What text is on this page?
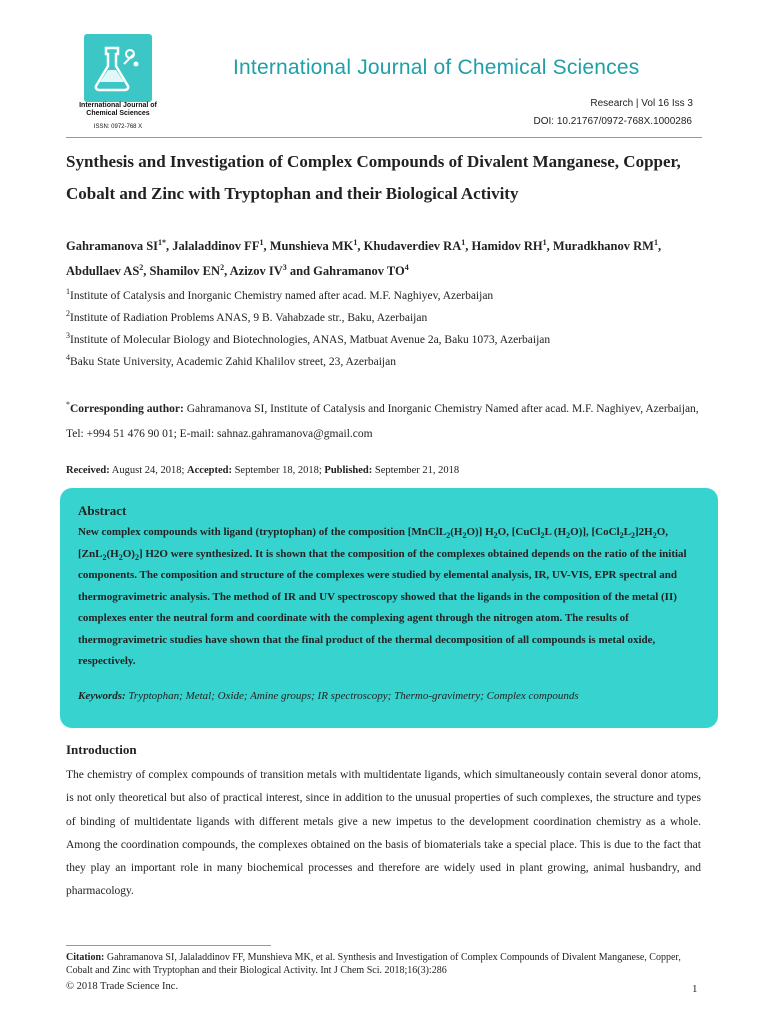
International Journal of Chemical Sciences
ISSN: 0972-768 X
International Journal of Chemical Sciences
Research | Vol 16 Iss 3
DOI: 10.21767/0972-768X.1000286
Synthesis and Investigation of Complex Compounds of Divalent Manganese, Copper, Cobalt and Zinc with Tryptophan and their Biological Activity
Gahramanova $SI^{1*}$, Jalaladdinov $FF^1$, Munshieva $MK^1$, Khudaverdiev $RA^1$, Hamidov $RH^1$, Muradkhanov $RM^1$, Abdullaev $AS^2$, Shamilov $EN^2$, Azizov $IV^3$ and Gahramanov $TO^4$
$^1$Institute of Catalysis and Inorganic Chemistry named after acad. M.F. Naghiyev, Azerbaijan
$^2$Institute of Radiation Problems ANAS, 9 B. Vahabzade str., Baku, Azerbaijan
$^3$Institute of Molecular Biology and Biotechnologies, ANAS, Matbuat Avenue 2a, Baku 1073, Azerbaijan
$^4$Baku State University, Academic Zahid Khalilov street, 23, Azerbaijan
*Corresponding author: Gahramanova SI, Institute of Catalysis and Inorganic Chemistry Named after acad. M.F. Naghiyev, Azerbaijan, Tel: +994 51 476 90 01; E-mail: sahnaz.gahramanova@gmail.com
Received: August 24, 2018; Accepted: September 18, 2018; Published: September 21, 2018
Abstract
New complex compounds with ligand (tryptophan) of the composition $[MnClL_2(H_2O)]$ $H_2O$, [CuCl$_2$L $(H_2O)$], $[CoCl_2L_2]2H_2O$, $[ZnL_2(H_2O)_2]$ H2O were synthesized. It is shown that the composition of the complexes obtained depends on the ratio of the initial components. The composition and structure of the complexes were studied by elemental analysis, IR, UV-VIS, EPR spectral and thermogravimetric analysis. The method of IR and UV spectroscopy showed that the ligands in the composition of the metal (II) complexes enter the neutral form and coordinate with the complexing agent through the nitrogen atom. The results of thermogravimetric studies have shown that the final product of the thermal decomposition of all compounds is metal oxide, respectively.
Keywords: Tryptophan; Metal; Oxide; Amine groups; IR spectroscopy; Thermo-gravimetry; Complex compounds
Introduction
The chemistry of complex compounds of transition metals with multidentate ligands, which simultaneously contain several donor atoms, is not only theoretical but also of practical interest, since in addition to the unusual properties of such complexes, the structure and types of binding of multidentate ligands with different metals give a new impetus to the development coordination chemistry as a whole. Among the coordination compounds, the complexes obtained on the basis of biomaterials take a special place. This is due to the fact that they play an important role in many biochemical processes and therefore are widely used in plant growing, animal husbandry, and pharmacology.
Citation: Gahramanova SI, Jalaladdinov FF, Munshieva MK, et al. Synthesis and Investigation of Complex Compounds of Divalent Manganese, Copper, Cobalt and Zinc with Tryptophan and their Biological Activity. Int J Chem Sci. 2018;16(3):286
© 2018 Trade Science Inc.	1
